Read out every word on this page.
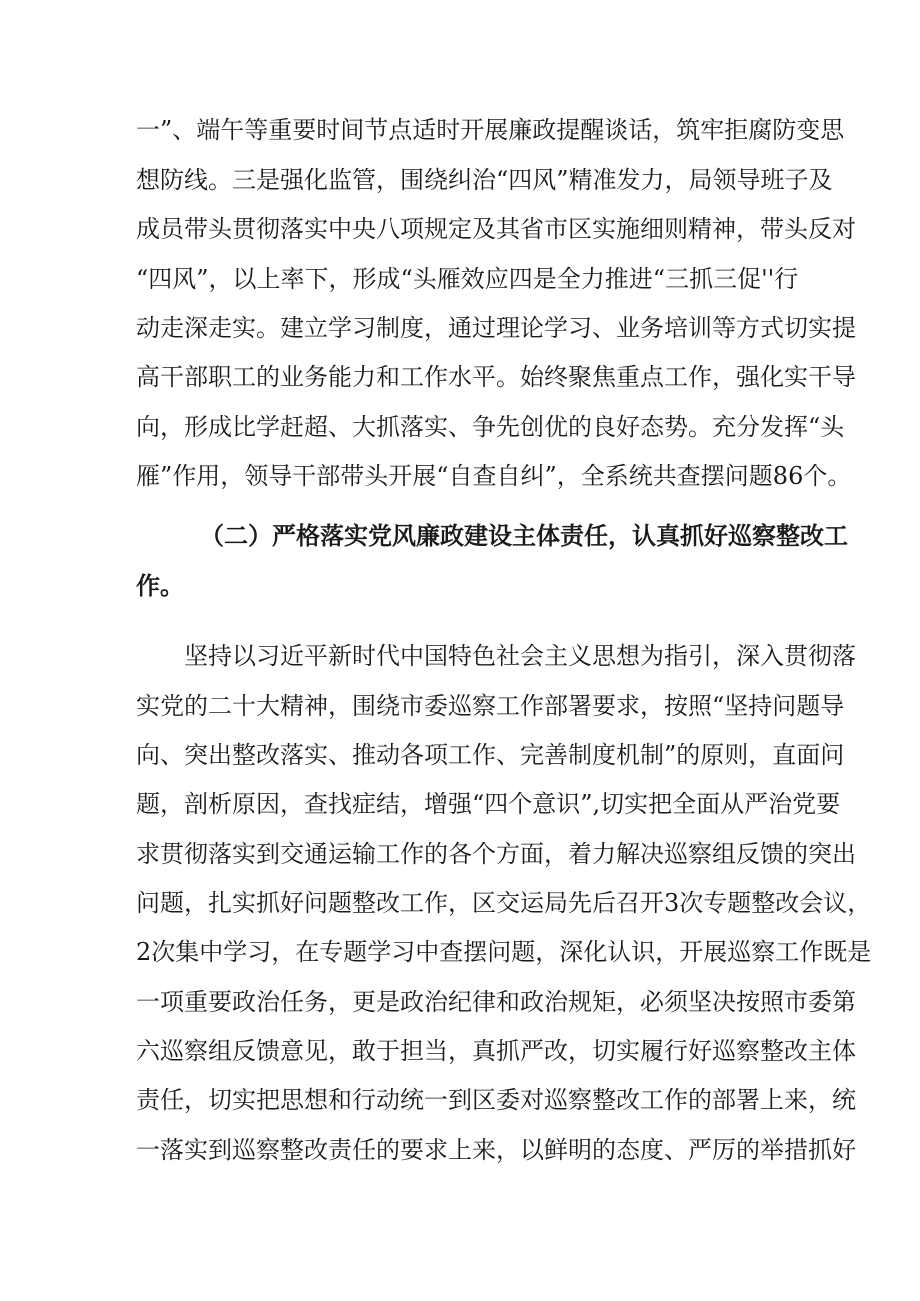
一”、端午等重要时间节点适时开展廉政提醒谈话，筑牢拒腐防变思
想防线。三是强化监管，围绕纠治“四风”精准发力，局领导班子及
成员带头贯彻落实中央八项规定及其省市区实施细则精神，带头反对
“四风”，以上率下，形成“头雁效应四是全力推进“三抓三促''行
动走深走实。建立学习制度，通过理论学习、业务培训等方式切实提
高干部职工的业务能力和工作水平。始终聚焦重点工作，强化实干导
向，形成比学赶超、大抓落实、争先创优的良好态势。充分发挥“头
雁”作用，领导干部带头开展“自查自纠”，全系统共查摆问题86个。
（二）严格落实党风廉政建设主体责任，认真抓好巡察整改工
作。
坚持以习近平新时代中国特色社会主义思想为指引，深入贯彻落
实党的二十大精神，围绕市委巡察工作部署要求，按照“坚持问题导
向、突出整改落实、推动各项工作、完善制度机制”的原则，直面问
题，剖析原因，查找症结，增强“四个意识”,切实把全面从严治党要
求贯彻落实到交通运输工作的各个方面，着力解决巡察组反馈的突出
问题，扎实抓好问题整改工作，区交运局先后召开3次专题整改会议，
2次集中学习，在专题学习中查摆问题，深化认识，开展巡察工作既是
一项重要政治任务，更是政治纪律和政治规矩，必须坚决按照市委第
六巡察组反馈意见，敢于担当，真抓严改，切实履行好巡察整改主体
责任，切实把思想和行动统一到区委对巡察整改工作的部署上来，统
一落实到巡察整改责任的要求上来，以鲜明的态度、严厉的举措抓好
